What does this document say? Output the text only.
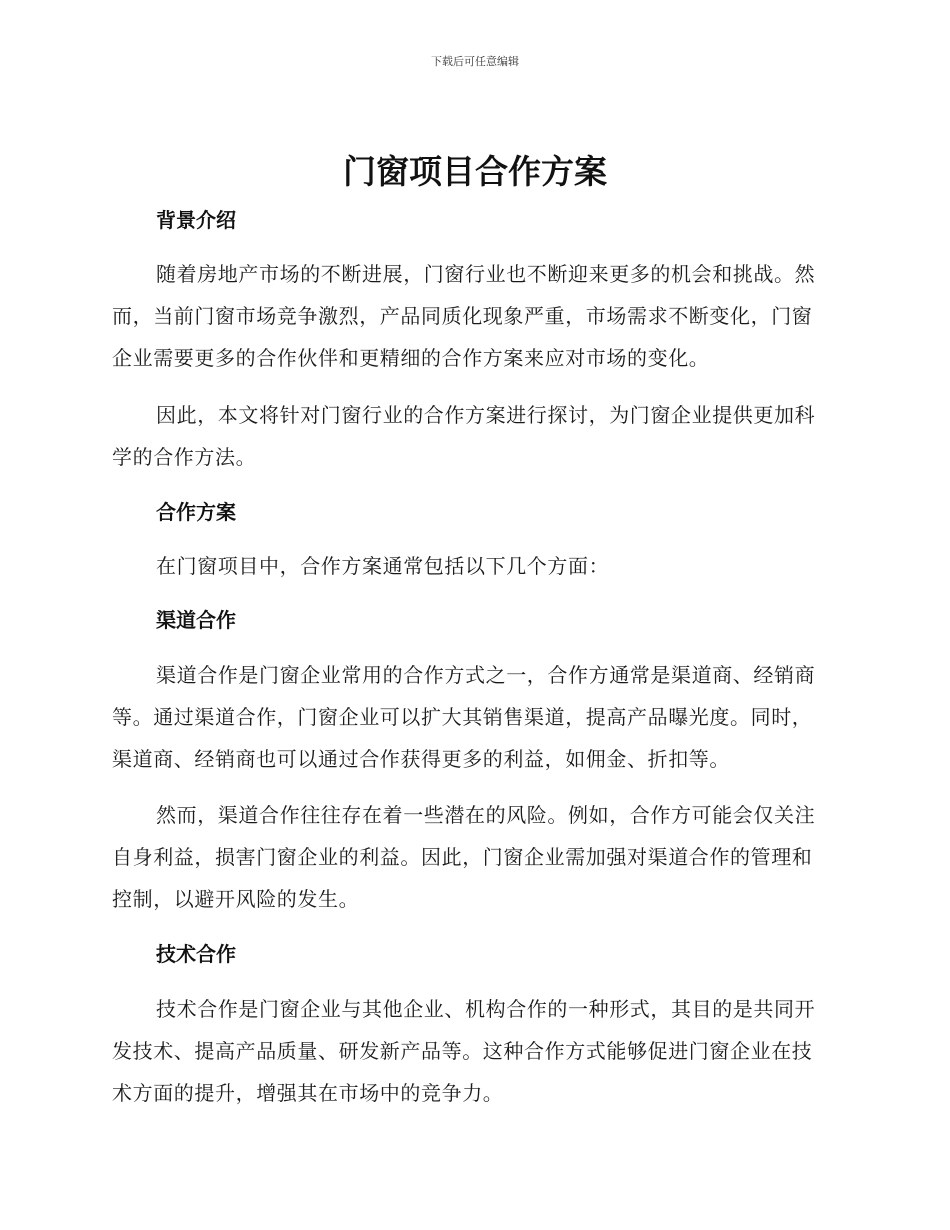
下载后可任意编辑
门窗项目合作方案
背景介绍
随着房地产市场的不断进展，门窗行业也不断迎来更多的机会和挑战。然而，当前门窗市场竞争激烈，产品同质化现象严重，市场需求不断变化，门窗企业需要更多的合作伙伴和更精细的合作方案来应对市场的变化。
因此，本文将针对门窗行业的合作方案进行探讨，为门窗企业提供更加科学的合作方法。
合作方案
在门窗项目中，合作方案通常包括以下几个方面：
渠道合作
渠道合作是门窗企业常用的合作方式之一，合作方通常是渠道商、经销商等。通过渠道合作，门窗企业可以扩大其销售渠道，提高产品曝光度。同时，渠道商、经销商也可以通过合作获得更多的利益，如佣金、折扣等。
然而，渠道合作往往存在着一些潜在的风险。例如，合作方可能会仅关注自身利益，损害门窗企业的利益。因此，门窗企业需加强对渠道合作的管理和控制，以避开风险的发生。
技术合作
技术合作是门窗企业与其他企业、机构合作的一种形式，其目的是共同开发技术、提高产品质量、研发新产品等。这种合作方式能够促进门窗企业在技术方面的提升，增强其在市场中的竞争力。
